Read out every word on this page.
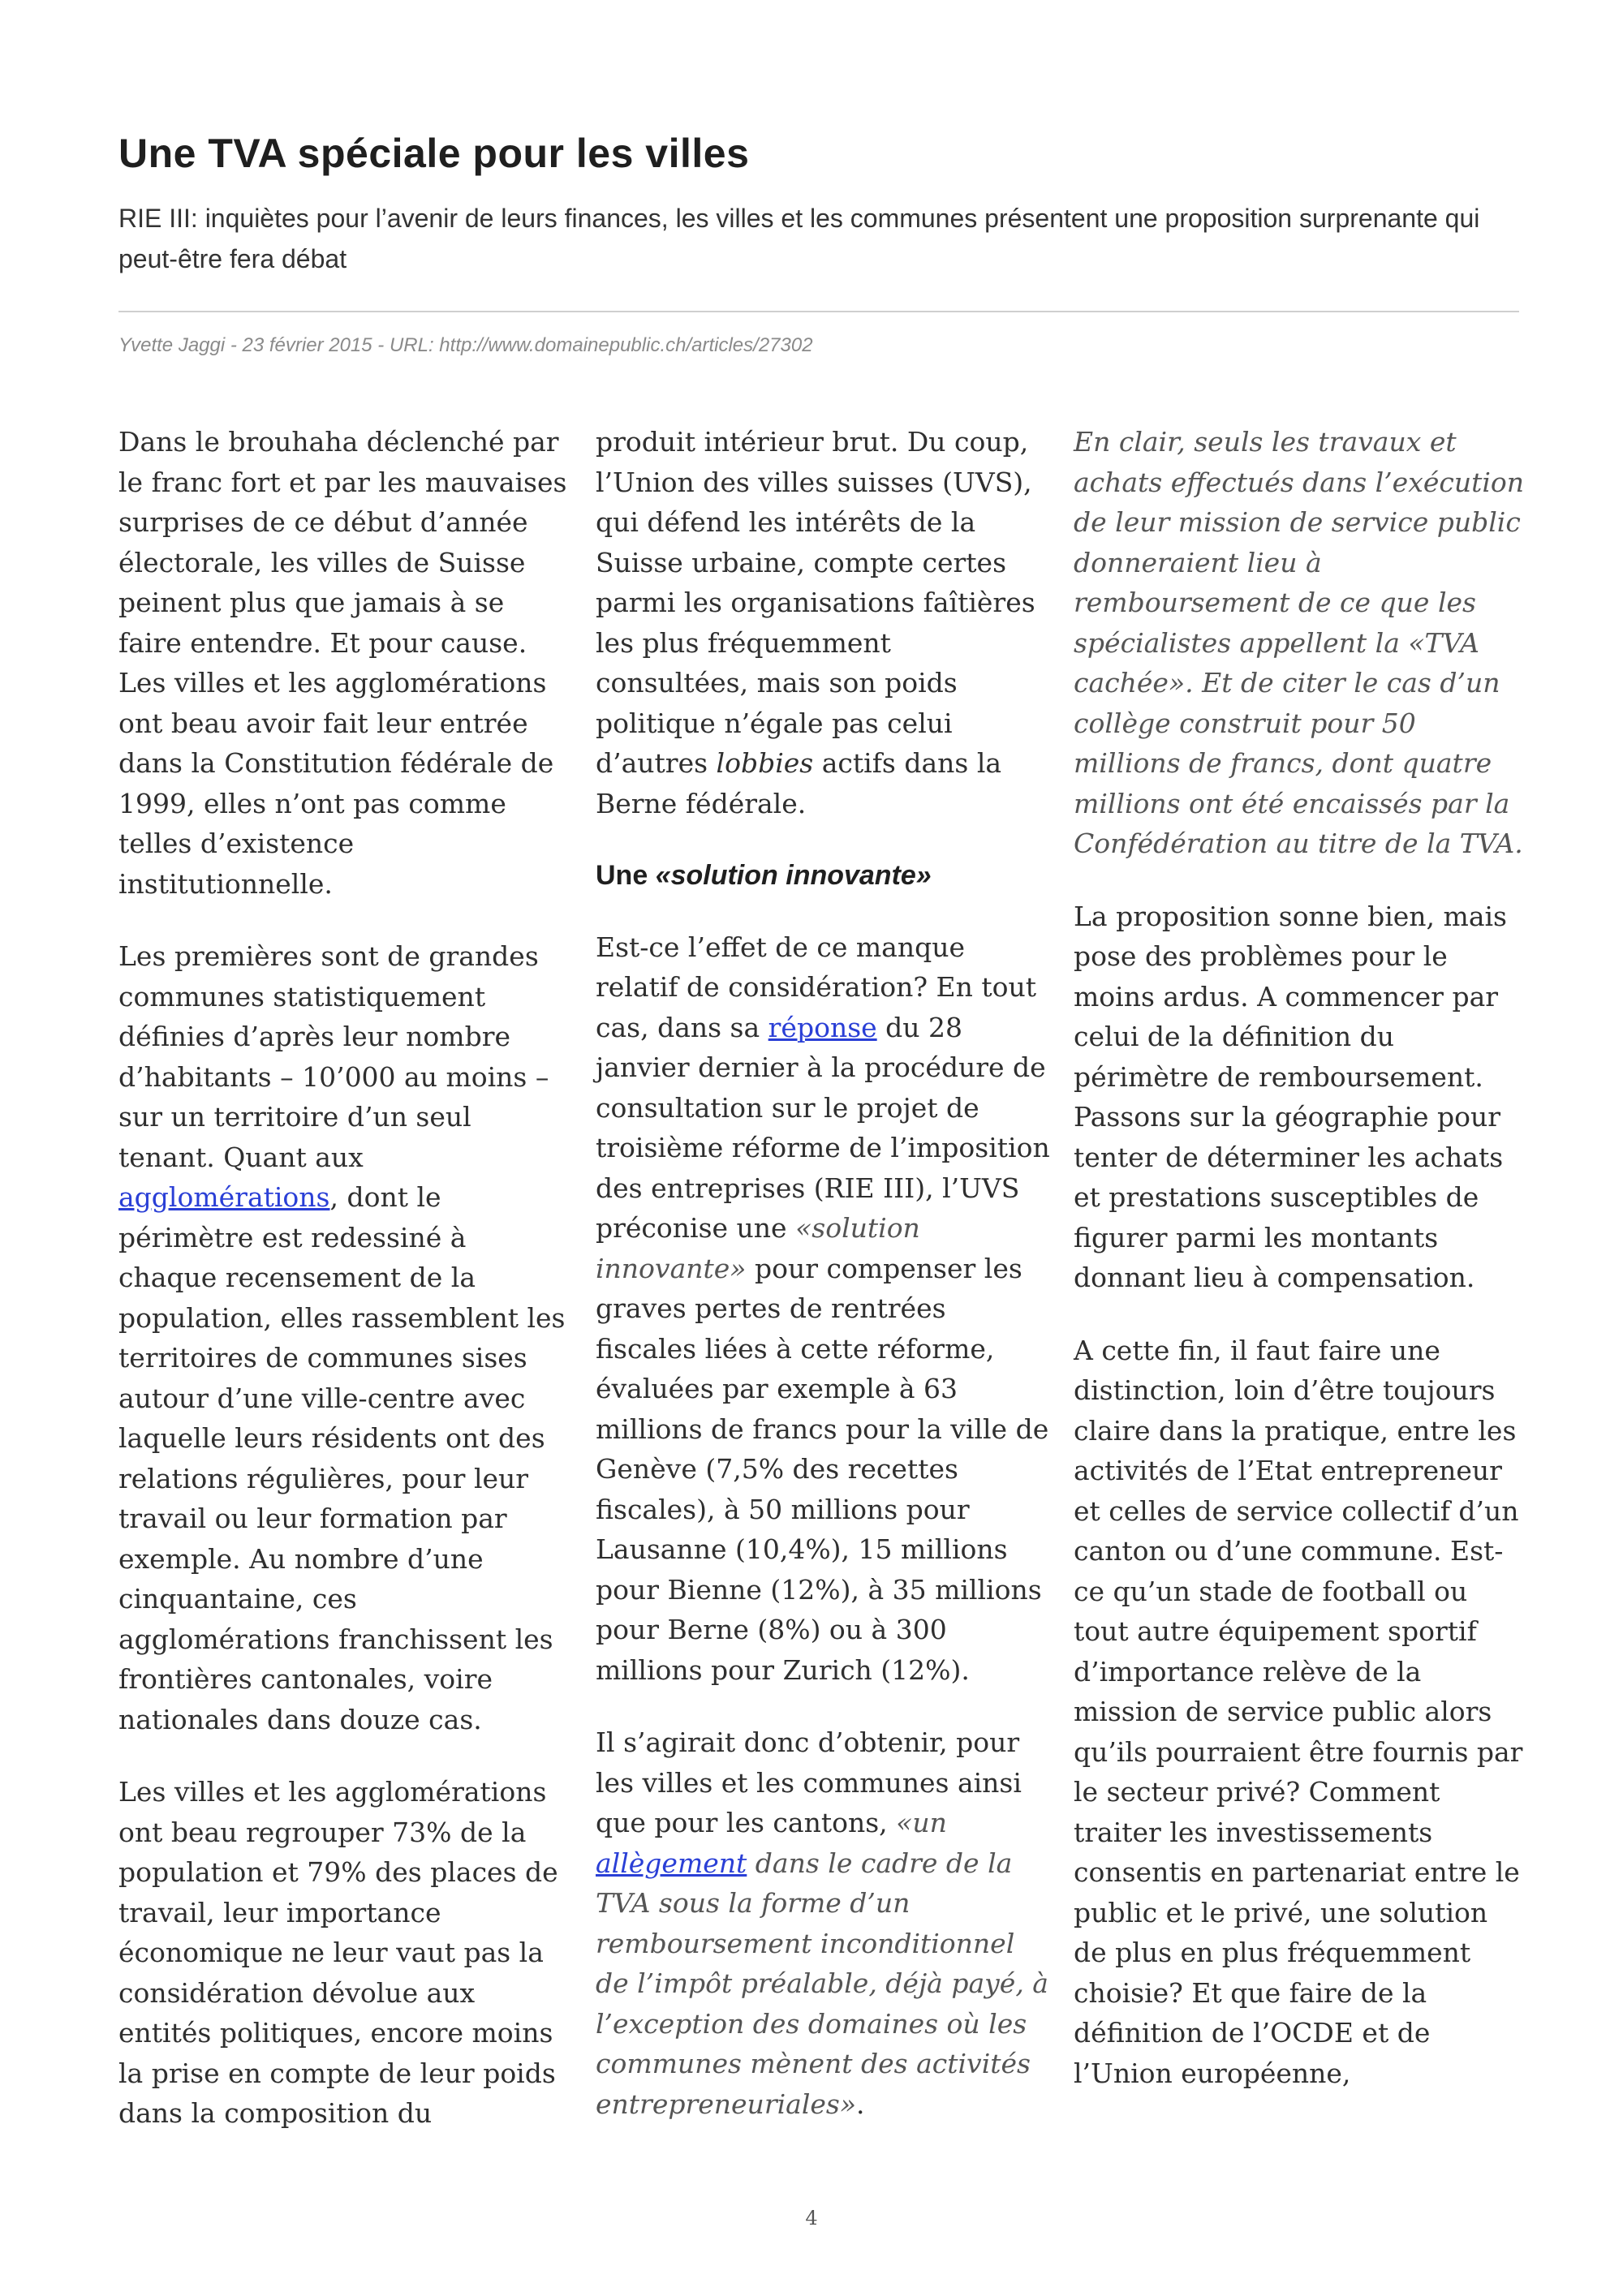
Une TVA spéciale pour les villes

RIE III: inquiètes pour l’avenir de leurs finances, les villes et les communes présentent une proposition surprenante qui peut-être fera débat

Yvette Jaggi - 23 février 2015 - URL: http://www.domainepublic.ch/articles/27302

Dans le brouhaha déclenché par le franc fort et par les mauvaises surprises de ce début d’année électorale, les villes de Suisse peinent plus que jamais à se faire entendre. Et pour cause. Les villes et les agglomérations ont beau avoir fait leur entrée dans la Constitution fédérale de 1999, elles n’ont pas comme telles d’existence institutionnelle.

Les premières sont de grandes communes statistiquement définies d’après leur nombre d’habitants – 10’000 au moins – sur un territoire d’un seul tenant. Quant aux agglomérations, dont le périmètre est redessiné à chaque recensement de la population, elles rassemblent les territoires de communes sises autour d’une ville-centre avec laquelle leurs résidents ont des relations régulières, pour leur travail ou leur formation par exemple. Au nombre d’une cinquantaine, ces agglomérations franchissent les frontières cantonales, voire nationales dans douze cas.

Les villes et les agglomérations ont beau regrouper 73% de la population et 79% des places de travail, leur importance économique ne leur vaut pas la considération dévolue aux entités politiques, encore moins la prise en compte de leur poids dans la composition du

produit intérieur brut. Du coup, l’Union des villes suisses (UVS), qui défend les intérêts de la Suisse urbaine, compte certes parmi les organisations faîtières les plus fréquemment consultées, mais son poids politique n’égale pas celui d’autres lobbies actifs dans la Berne fédérale.

Une «solution innovante»

Est-ce l’effet de ce manque relatif de considération? En tout cas, dans sa réponse du 28 janvier dernier à la procédure de consultation sur le projet de troisième réforme de l’imposition des entreprises (RIE III), l’UVS préconise une «solution innovante» pour compenser les graves pertes de rentrées fiscales liées à cette réforme, évaluées par exemple à 63 millions de francs pour la ville de Genève (7,5% des recettes fiscales), à 50 millions pour Lausanne (10,4%), 15 millions pour Bienne (12%), à 35 millions pour Berne (8%) ou à 300 millions pour Zurich (12%).

Il s’agirait donc d’obtenir, pour les villes et les communes ainsi que pour les cantons, «un allègement dans le cadre de la TVA sous la forme d’un remboursement inconditionnel de l’impôt préalable, déjà payé, à l’exception des domaines où les communes mènent des activités entrepreneuriales».

En clair, seuls les travaux et achats effectués dans l’exécution de leur mission de service public donneraient lieu à remboursement de ce que les spécialistes appellent la «TVA cachée». Et de citer le cas d’un collège construit pour 50 millions de francs, dont quatre millions ont été encaissés par la Confédération au titre de la TVA.

La proposition sonne bien, mais pose des problèmes pour le moins ardus. A commencer par celui de la définition du périmètre de remboursement. Passons sur la géographie pour tenter de déterminer les achats et prestations susceptibles de figurer parmi les montants donnant lieu à compensation.

A cette fin, il faut faire une distinction, loin d’être toujours claire dans la pratique, entre les activités de l’Etat entrepreneur et celles de service collectif d’un canton ou d’une commune. Est-ce qu’un stade de football ou tout autre équipement sportif d’importance relève de la mission de service public alors qu’ils pourraient être fournis par le secteur privé? Comment traiter les investissements consentis en partenariat entre le public et le privé, une solution de plus en plus fréquemment choisie? Et que faire de la définition de l’OCDE et de l’Union européenne,

4
